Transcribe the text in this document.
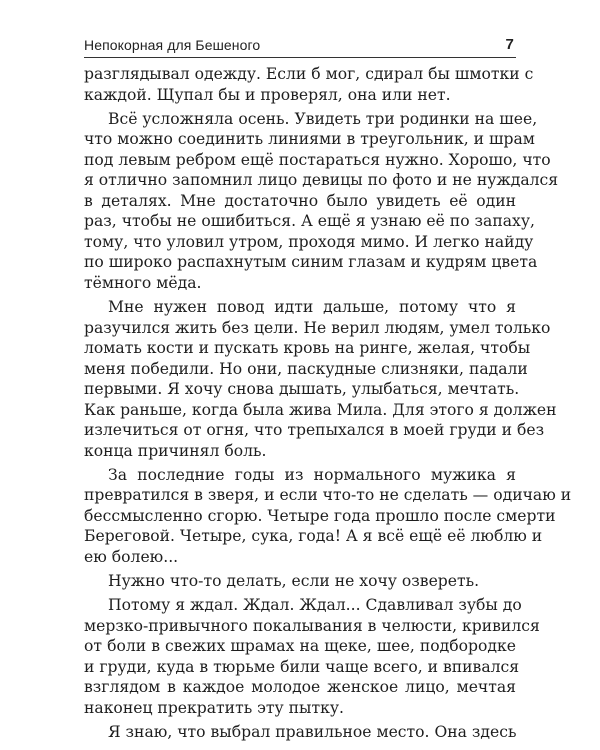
Непокорная для Бешеного	7
разглядывал одежду. Если б мог, сдирал бы шмотки с
каждой. Щупал бы и проверял, она или нет.
Всё усложняла осень. Увидеть три родинки на шее,
что можно соединить линиями в треугольник, и шрам
под левым ребром ещё постараться нужно. Хорошо, что
я отлично запомнил лицо девицы по фото и не нуждался
в деталях. Мне достаточно было увидеть её один
раз, чтобы не ошибиться. А ещё я узнаю её по запаху,
тому, что уловил утром, проходя мимо. И легко найду
по широко распахнутым синим глазам и кудрям цвета
тёмного мёда.
Мне нужен повод идти дальше, потому что я
разучился жить без цели. Не верил людям, умел только
ломать кости и пускать кровь на ринге, желая, чтобы
меня победили. Но они, паскудные слизняки, падали
первыми. Я хочу снова дышать, улыбаться, мечтать.
Как раньше, когда была жива Мила. Для этого я должен
излечиться от огня, что трепыхался в моей груди и без
конца причинял боль.
За последние годы из нормального мужика я
превратился в зверя, и если что-то не сделать — одичаю и
бессмысленно сгорю. Четыре года прошло после смерти
Береговой. Четыре, сука, года! А я всё ещё её люблю и
ею болею...
Нужно что-то делать, если не хочу озвереть.
Потому я ждал. Ждал. Ждал... Сдавливал зубы до
мерзко-привычного покалывания в челюсти, кривился
от боли в свежих шрамах на щеке, шее, подбородке
и груди, куда в тюрьме били чаще всего, и впивался
взглядом в каждое молодое женское лицо, мечтая
наконец прекратить эту пытку.
Я знаю, что выбрал правильное место. Она здесь
